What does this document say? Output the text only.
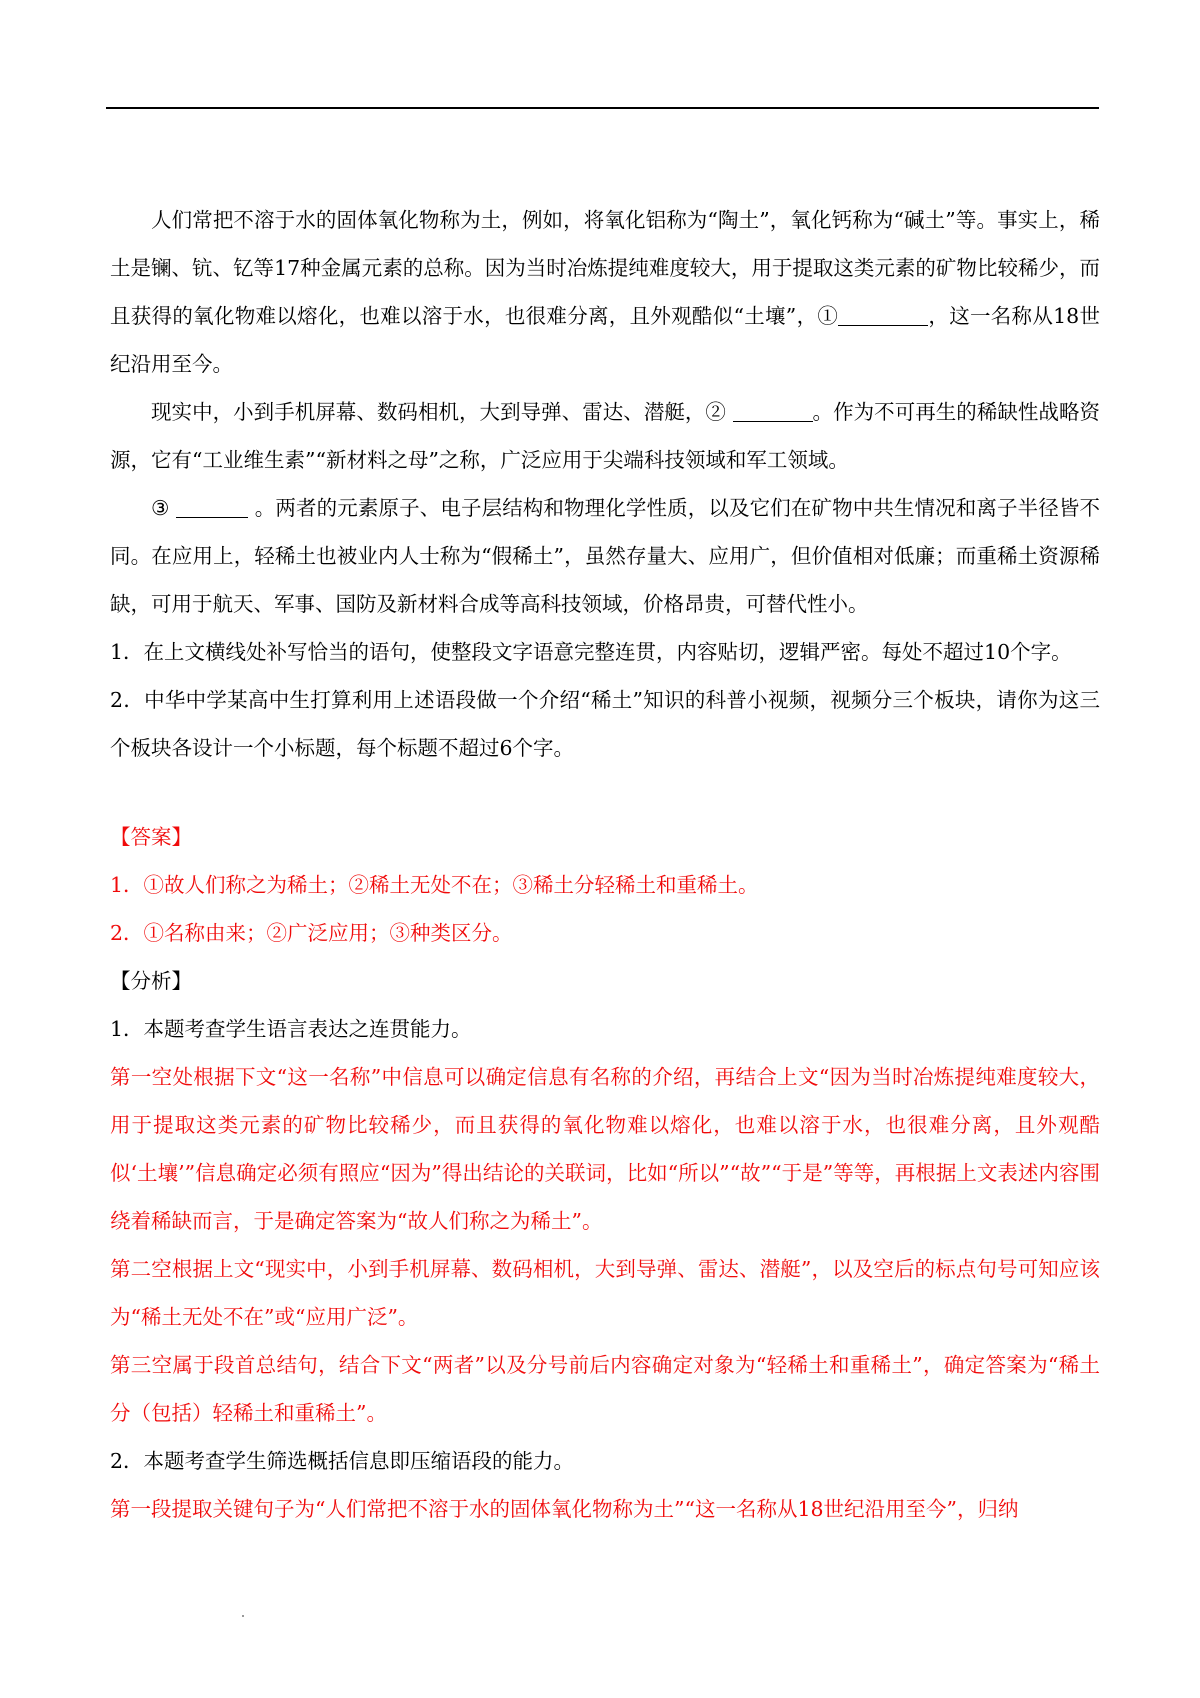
人们常把不溶于水的固体氧化物称为土，例如，将氧化铝称为“陶土”，氧化钙称为“碱土”等。事实上，稀土是镧、钪、钇等17种金属元素的总称。因为当时冶炼提纯难度较大，用于提取这类元素的矿物比较稀少，而且获得的氧化物难以熔化，也难以溶于水，也很难分离，且外观酷似“土壤”，①	，这一名称从18世纪沿用至今。

现实中，小到手机屏幕、数码相机，大到导弹、雷达、潜艇，②	。作为不可再生的稀缺性战略资源，它有“工业维生素”“新材料之母”之称，广泛应用于尖端科技领域和军工领域。

③	。两者的元素原子、电子层结构和物理化学性质，以及它们在矿物中共生情况和离子半径皆不同。在应用上，轻稀土也被业内人士称为“假稀土”，虽然存量大、应用广，但价值相对低廉；而重稀土资源稀缺，可用于航天、军事、国防及新材料合成等高科技领域，价格昂贵，可替代性小。

1．在上文横线处补写恰当的语句，使整段文字语意完整连贯，内容贴切，逻辑严密。每处不超过10个字。

2．中华中学某高中生打算利用上述语段做一个介绍“稀土”知识的科普小视频，视频分三个板块，请你为这三个板块各设计一个小标题，每个标题不超过6个字。

【答案】

1．①故人们称之为稀土；②稀土无处不在；③稀土分轻稀土和重稀土。

2．①名称由来；②广泛应用；③种类区分。

【分析】

1．本题考查学生语言表达之连贯能力。

第一空处根据下文“这一名称”中信息可以确定信息有名称的介绍，再结合上文“因为当时冶炼提纯难度较大，用于提取这类元素的矿物比较稀少，而且获得的氧化物难以熔化，也难以溶于水，也很难分离，且外观酷似‘土壤’”信息确定必须有照应“因为”得出结论的关联词，比如“所以”“故”“于是”等等，再根据上文表述内容围绕着稀缺而言，于是确定答案为“故人们称之为稀土”。

第二空根据上文“现实中，小到手机屏幕、数码相机，大到导弹、雷达、潜艇”，以及空后的标点句号可知应该为“稀土无处不在”或“应用广泛”。

第三空属于段首总结句，结合下文“两者”以及分号前后内容确定对象为“轻稀土和重稀土”，确定答案为“稀土分（包括）轻稀土和重稀土”。

2．本题考查学生筛选概括信息即压缩语段的能力。

第一段提取关键句子为“人们常把不溶于水的固体氧化物称为土”“这一名称从18世纪沿用至今”，归纳
